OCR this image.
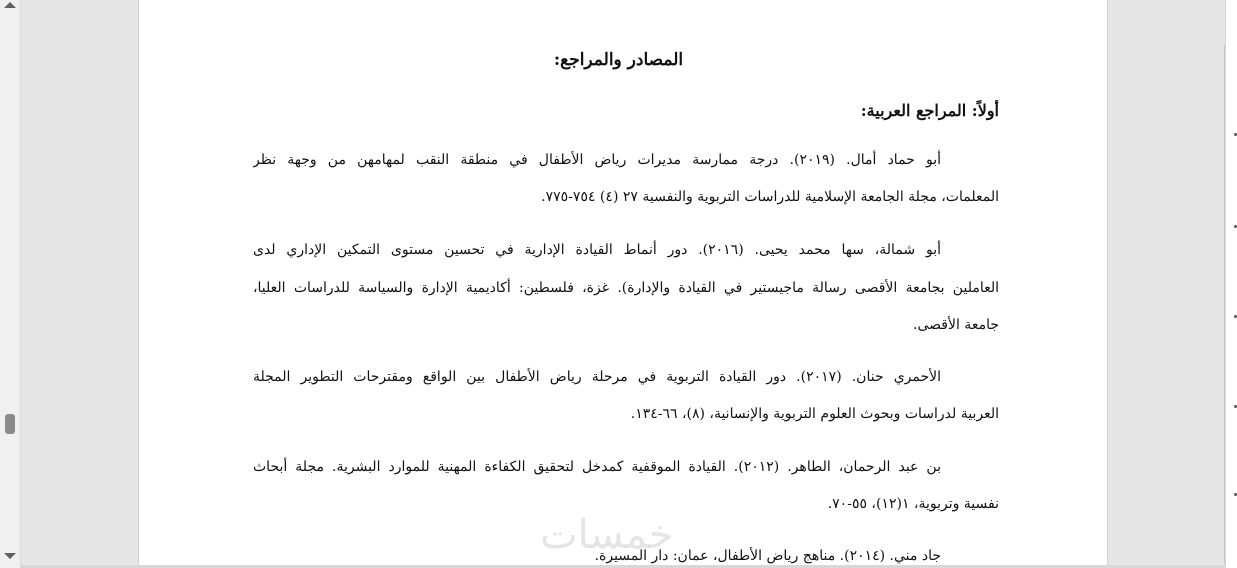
المصادر والمراجع:
أولاً: المراجع العربية:
أبو حماد أمال. (٢٠١٩). درجة ممارسة مديرات رياض الأطفال في منطقة النقب لمهامهن من وجهة نظر
المعلمات، مجلة الجامعة الإسلامية للدراسات التربوية والنفسية ٢٧ (٤) ٧٥٤-٧٧٥.
أبو شمالة، سها محمد يحيى. (٢٠١٦). دور أنماط القيادة الإدارية في تحسين مستوى التمكين الإداري لدى
العاملين بجامعة الأقصى رسالة ماجيستير في القيادة والإدارة). غزة، فلسطين: أكاديمية الإدارة والسياسة للدراسات العليا،
جامعة الأقصى.
الأحمري حنان. (٢٠١٧). دور القيادة التربوية في مرحلة رياض الأطفال بين الواقع ومقترحات التطوير المجلة
العربية لدراسات وبحوث العلوم التربوية والإنسانية، (٨)، ٦٦-١٣٤.
بن عبد الرحمان، الطاهر. (٢٠١٢). القيادة الموقفية كمدخل لتحقيق الكفاءة المهنية للموارد البشرية. مجلة أبحاث
نفسية وتربوية، ١(١٢)، ٥٥-٧٠.
جاد مني. (٢٠١٤). مناهج رياض الأطفال، عمان: دار المسيرة.
خمسات
